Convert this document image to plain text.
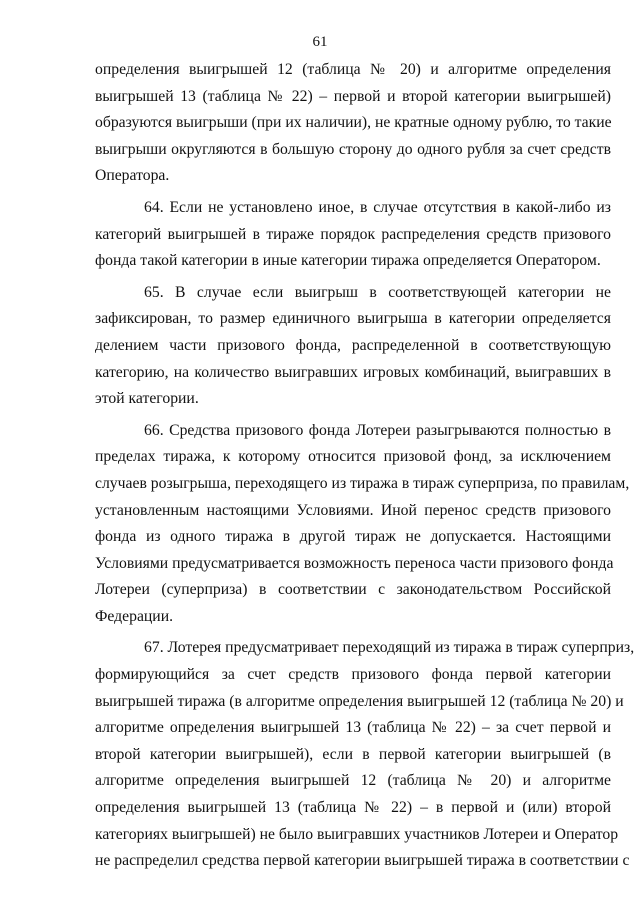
61
определения выигрышей 12 (таблица № 20) и алгоритме определения
выигрышей 13 (таблица № 22) – первой и второй категории выигрышей)
образуются выигрыши (при их наличии), не кратные одному рублю, то такие
выигрыши округляются в большую сторону до одного рубля за счет средств
Оператора.
64. Если не установлено иное, в случае отсутствия в какой-либо из
категорий выигрышей в тираже порядок распределения средств призового
фонда такой категории в иные категории тиража определяется Оператором.
65. В случае если выигрыш в соответствующей категории не
зафиксирован, то размер единичного выигрыша в категории определяется
делением части призового фонда, распределенной в соответствующую
категорию, на количество выигравших игровых комбинаций, выигравших в
этой категории.
66. Средства призового фонда Лотереи разыгрываются полностью в
пределах тиража, к которому относится призовой фонд, за исключением
случаев розыгрыша, переходящего из тиража в тираж суперприза, по правилам,
установленным настоящими Условиями. Иной перенос средств призового
фонда из одного тиража в другой тираж не допускается. Настоящими
Условиями предусматривается возможность переноса части призового фонда
Лотереи (суперприза) в соответствии с законодательством Российской
Федерации.
67. Лотерея предусматривает переходящий из тиража в тираж суперприз,
формирующийся за счет средств призового фонда первой категории
выигрышей тиража (в алгоритме определения выигрышей 12 (таблица № 20) и
алгоритме определения выигрышей 13 (таблица № 22) – за счет первой и
второй категории выигрышей), если в первой категории выигрышей (в
алгоритме определения выигрышей 12 (таблица № 20) и алгоритме
определения выигрышей 13 (таблица № 22) – в первой и (или) второй
категориях выигрышей) не было выигравших участников Лотереи и Оператор
не распределил средства первой категории выигрышей тиража в соответствии с
